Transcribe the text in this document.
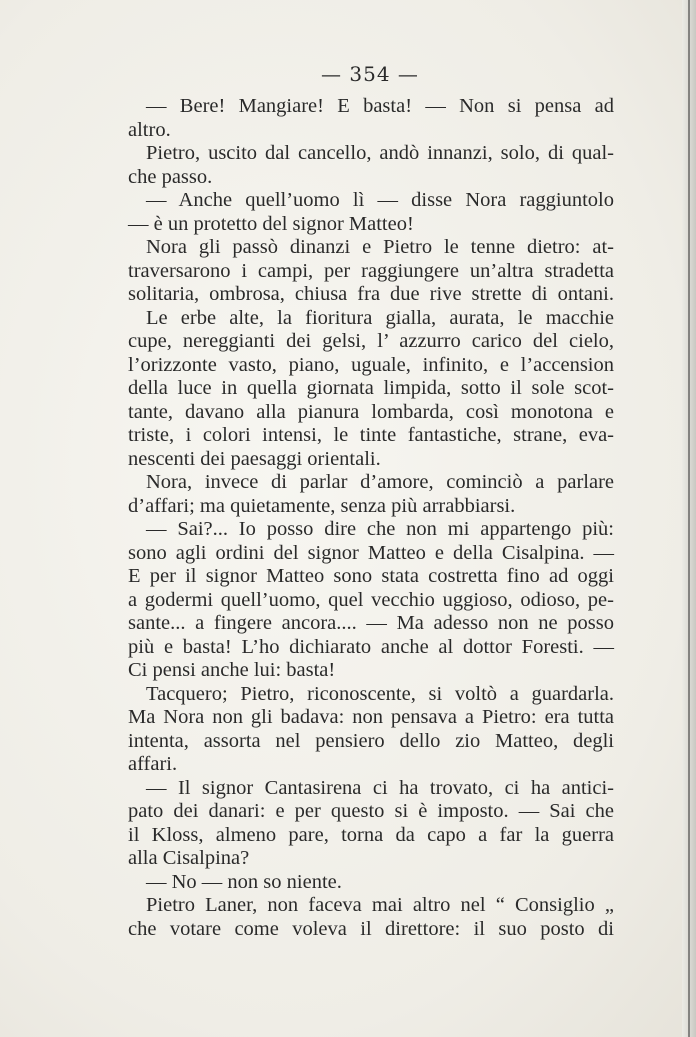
— 354 —
— Bere! Mangiare! E basta! — Non si pensa ad
altro.
Pietro, uscito dal cancello, andò innanzi, solo, di qual-
che passo.
— Anche quell’uomo lì — disse Nora raggiuntolo
— è un protetto del signor Matteo!
Nora gli passò dinanzi e Pietro le tenne dietro: at-
traversarono i campi, per raggiungere un’altra stradetta
solitaria, ombrosa, chiusa fra due rive strette di ontani.
Le erbe alte, la fioritura gialla, aurata, le macchie
cupe, nereggianti dei gelsi, l’ azzurro carico del cielo,
l’orizzonte vasto, piano, uguale, infinito, e l’accension
della luce in quella giornata limpida, sotto il sole scot-
tante, davano alla pianura lombarda, così monotona e
triste, i colori intensi, le tinte fantastiche, strane, eva-
nescenti dei paesaggi orientali.
Nora, invece di parlar d’amore, cominciò a parlare
d’affari; ma quietamente, senza più arrabbiarsi.
— Sai?... Io posso dire che non mi appartengo più:
sono agli ordini del signor Matteo e della Cisalpina. —
E per il signor Matteo sono stata costretta fino ad oggi
a godermi quell’uomo, quel vecchio uggioso, odioso, pe-
sante... a fingere ancora.... — Ma adesso non ne posso
più e basta! L’ho dichiarato anche al dottor Foresti. —
Ci pensi anche lui: basta!
Tacquero; Pietro, riconoscente, si voltò a guardarla.
Ma Nora non gli badava: non pensava a Pietro: era tutta
intenta, assorta nel pensiero dello zio Matteo, degli
affari.
— Il signor Cantasirena ci ha trovato, ci ha antici-
pato dei danari: e per questo si è imposto. — Sai che
il Kloss, almeno pare, torna da capo a far la guerra
alla Cisalpina?
— No — non so niente.
Pietro Laner, non faceva mai altro nel “ Consiglio „
che votare come voleva il direttore: il suo posto di
